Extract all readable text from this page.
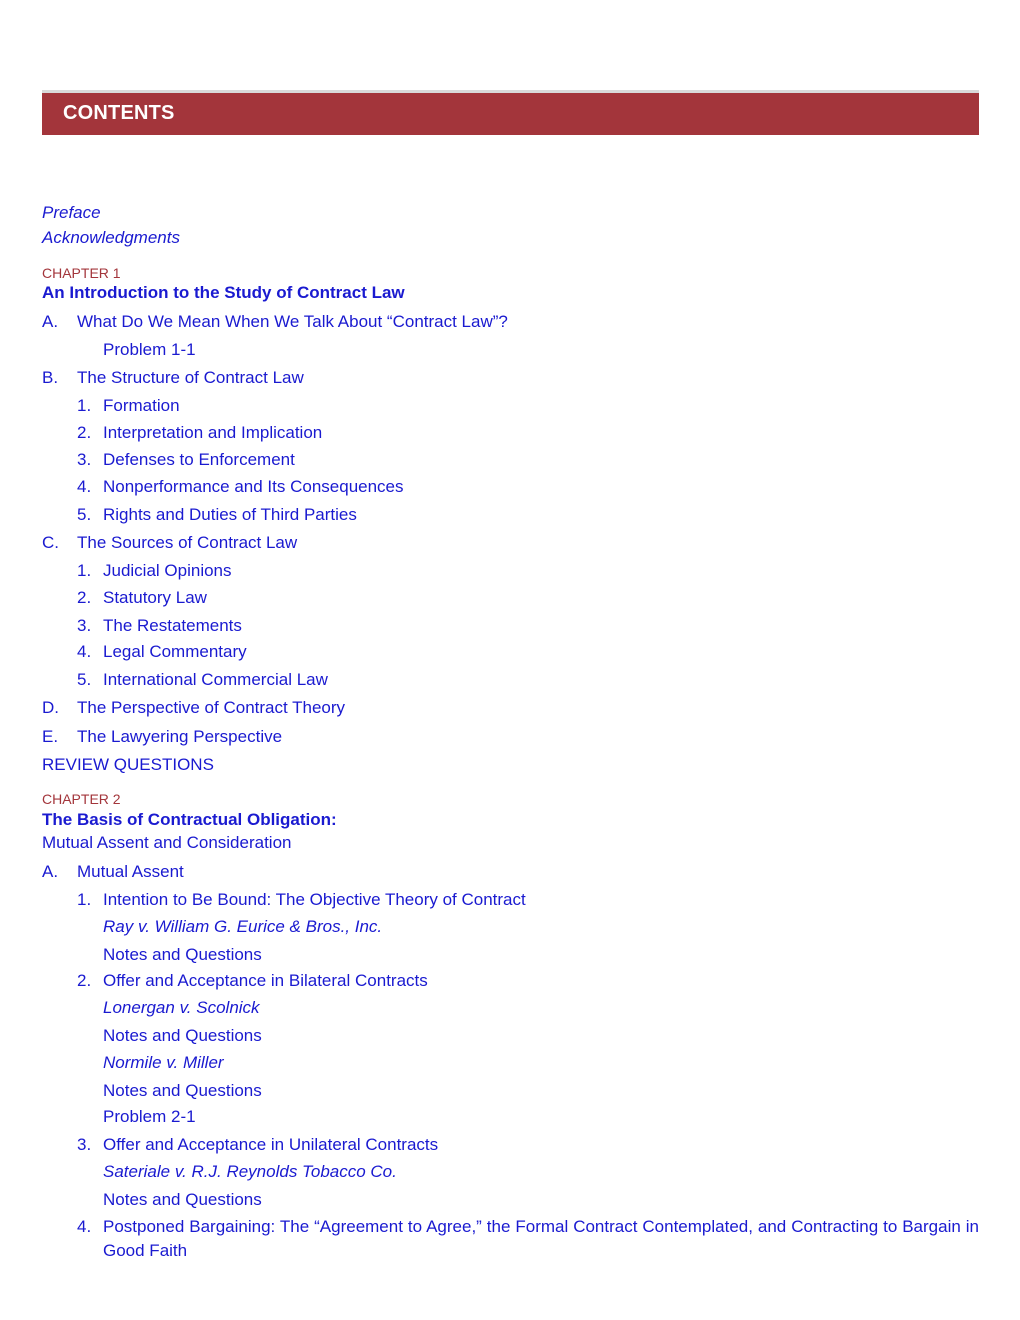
CONTENTS
Preface
Acknowledgments
CHAPTER 1
An Introduction to the Study of Contract Law
A. What Do We Mean When We Talk About “Contract Law”?
Problem 1-1
B. The Structure of Contract Law
1. Formation
2. Interpretation and Implication
3. Defenses to Enforcement
4. Nonperformance and Its Consequences
5. Rights and Duties of Third Parties
C. The Sources of Contract Law
1. Judicial Opinions
2. Statutory Law
3. The Restatements
4. Legal Commentary
5. International Commercial Law
D. The Perspective of Contract Theory
E. The Lawyering Perspective
REVIEW QUESTIONS
CHAPTER 2
The Basis of Contractual Obligation:
Mutual Assent and Consideration
A. Mutual Assent
1. Intention to Be Bound: The Objective Theory of Contract
Ray v. William G. Eurice & Bros., Inc.
Notes and Questions
2. Offer and Acceptance in Bilateral Contracts
Lonergan v. Scolnick
Notes and Questions
Normile v. Miller
Notes and Questions
Problem 2-1
3. Offer and Acceptance in Unilateral Contracts
Sateriale v. R.J. Reynolds Tobacco Co.
Notes and Questions
4. Postponed Bargaining: The “Agreement to Agree,” the Formal Contract Contemplated, and Contracting to Bargain in Good Faith
